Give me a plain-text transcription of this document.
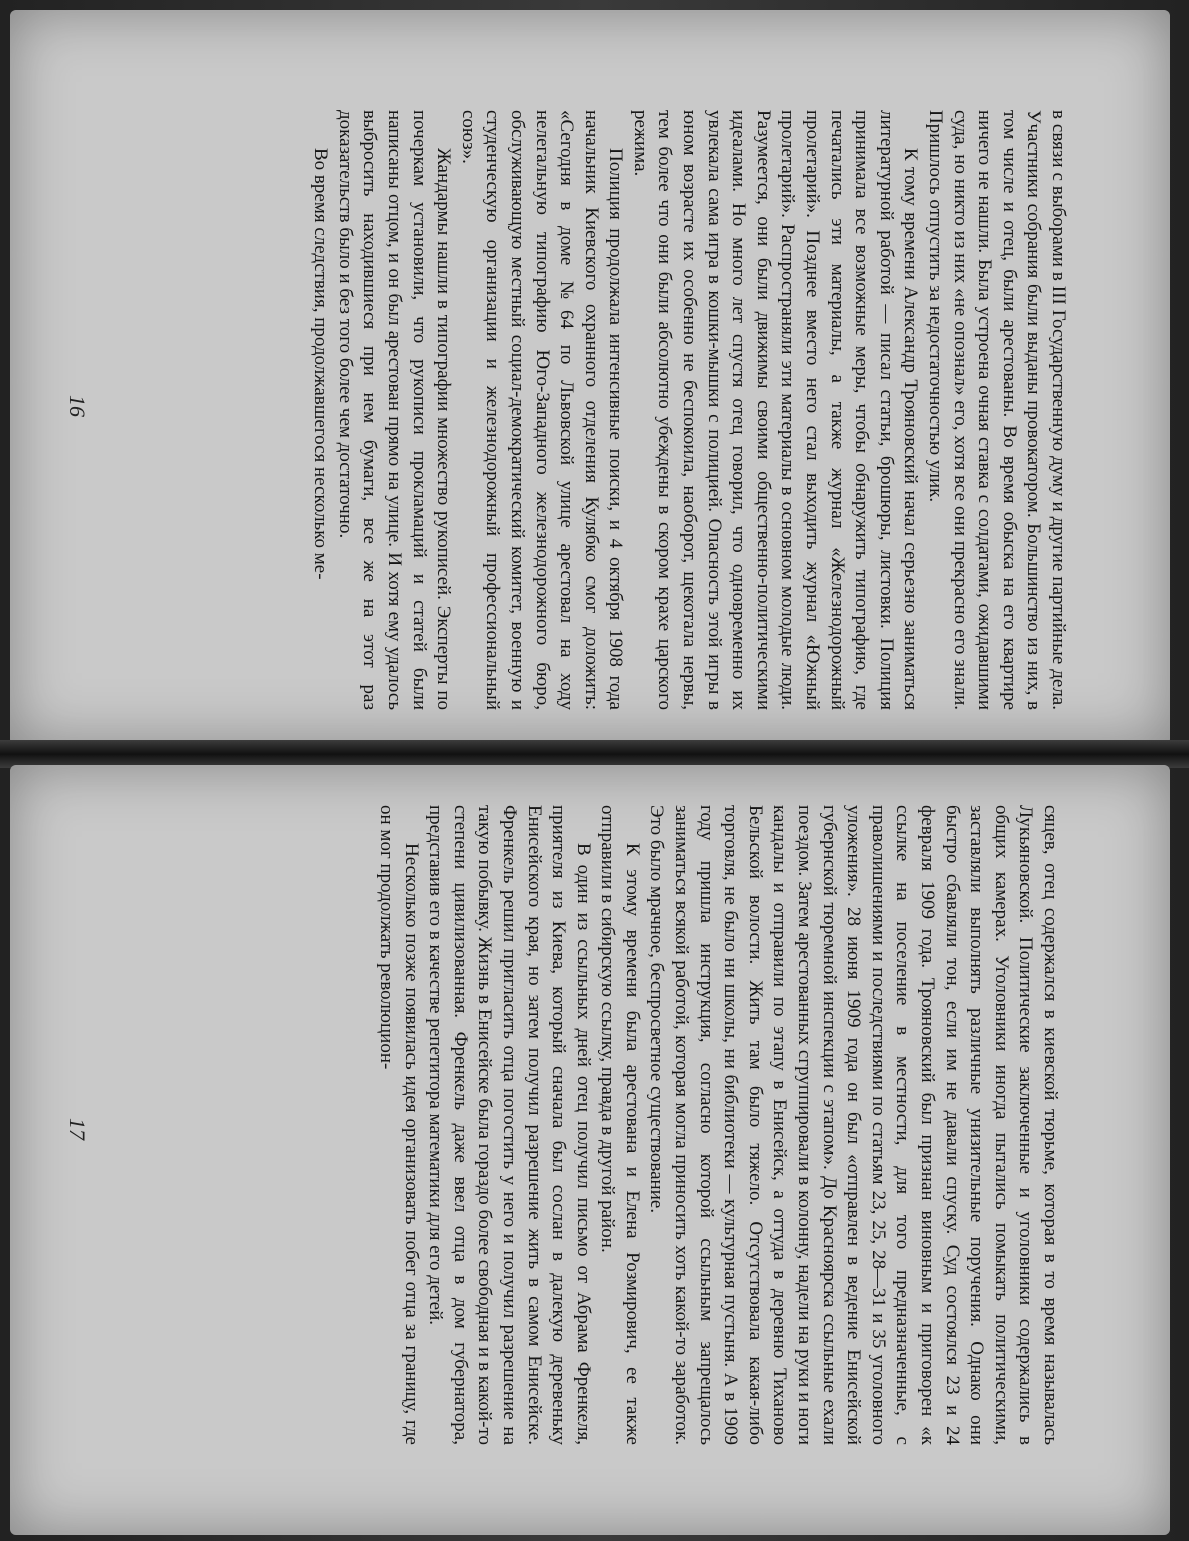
в связи с выборами в III Государственную думу и другие партийные дела. Участники собрания были выданы провокатором. Большинство из них, в том числе и отец, были арестованы. Во время обыска на его квартире ничего не нашли. Была устроена очная ставка с солдатами, ожидавшими суда, но никто из них «не опознал» его, хотя все они прекрасно его знали. Пришлось отпустить за недостаточностью улик.

К тому времени Александр Трояновский начал серьезно заниматься литературной работой — писал статьи, брошюры, листовки. Полиция принимала все возможные меры, чтобы обнаружить типографию, где печатались эти материалы, а также журнал «Железнодорожный пролетарий». Позднее вместо него стал выходить журнал «Южный пролетарий». Распространяли эти материалы в основном молодые люди. Разумеется, они были движимы своими общественно-политическими идеалами. Но много лет спустя отец говорил, что одновременно их увлекала сама игра в кошки-мышки с полицией. Опасность этой игры в юном возрасте их особенно не беспокоила, наоборот, щекотала нервы, тем более что они были абсолютно убеждены в скором крахе царского режима.

Полиция продолжала интенсивные поиски, и 4 октября 1908 года начальник Киевского охранного отделения Кулябко смог доложить: «Сегодня в доме №64 по Львовской улице арестовал на ходу нелегальную типографию Юго-Западного железнодорожного бюро, обслуживающую местный социал-демократический комитет, военную и студенческую организации и железнодорожный профессиональный союз».

Жандармы нашли в типографии множество рукописей. Эксперты по почеркам установили, что рукописи прокламаций и статей были написаны отцом, и он был арестован прямо на улице. И хотя ему удалось выбросить находившиеся при нем бумаги, все же на этот раз доказательств было и без того более чем достаточно.

Во время следствия, продолжавшегося несколько ме-

16

сяцев, отец содержался в киевской тюрьме, которая в то время называлась Лукьяновской. Политические заключенные и уголовники содержались в общих камерах. Уголовники иногда пытались помыкать политическими, заставляли выполнять различные унизительные поручения. Однако они быстро сбавляли тон, если им не давали спуску. Суд состоялся 23 и 24 февраля 1909 года. Трояновский был признан виновным и приговорен «к ссылке на поселение в местности, для того предназначенные, с праволишениями и последствиями по статьям 23, 25, 28—31 и 35 уголовного уложения». 28 июня 1909 года он был «отправлен в ведение Енисейской губернской тюремной инспекции с этапом». До Красноярска ссыльные ехали поездом. Затем арестованных сгруппировали в колонну, надели на руки и ноги кандалы и отправили по этапу в Енисейск, а оттуда в деревню Тиханово Бельской волости. Жить там было тяжело. Отсутствовала какая-либо торговля, не было ни школы, ни библиотеки — культурная пустыня. А в 1909 году пришла инструкция, согласно которой ссыльным запрещалось заниматься всякой работой, которая могла приносить хоть какой-то заработок. Это было мрачное, беспросветное существование.

К этому времени была арестована и Елена Розмирович, ее также отправили в сибирскую ссылку, правда в другой район.

В один из ссыльных дней отец получил письмо от Абрама Френкеля, приятеля из Киева, который сначала был сослан в далекую деревеньку Енисейского края, но затем получил разрешение жить в самом Енисейске. Френкель решил пригласить отца погостить у него и получил разрешение на такую побывку. Жизнь в Енисейске была гораздо более свободная и в какой-то степени цивилизованная. Френкель даже ввел отца в дом губернатора, представив его в качестве репетитора математики для его детей.

Несколько позже появилась идея организовать побег отца за границу, где он мог продолжать революцион-

17
